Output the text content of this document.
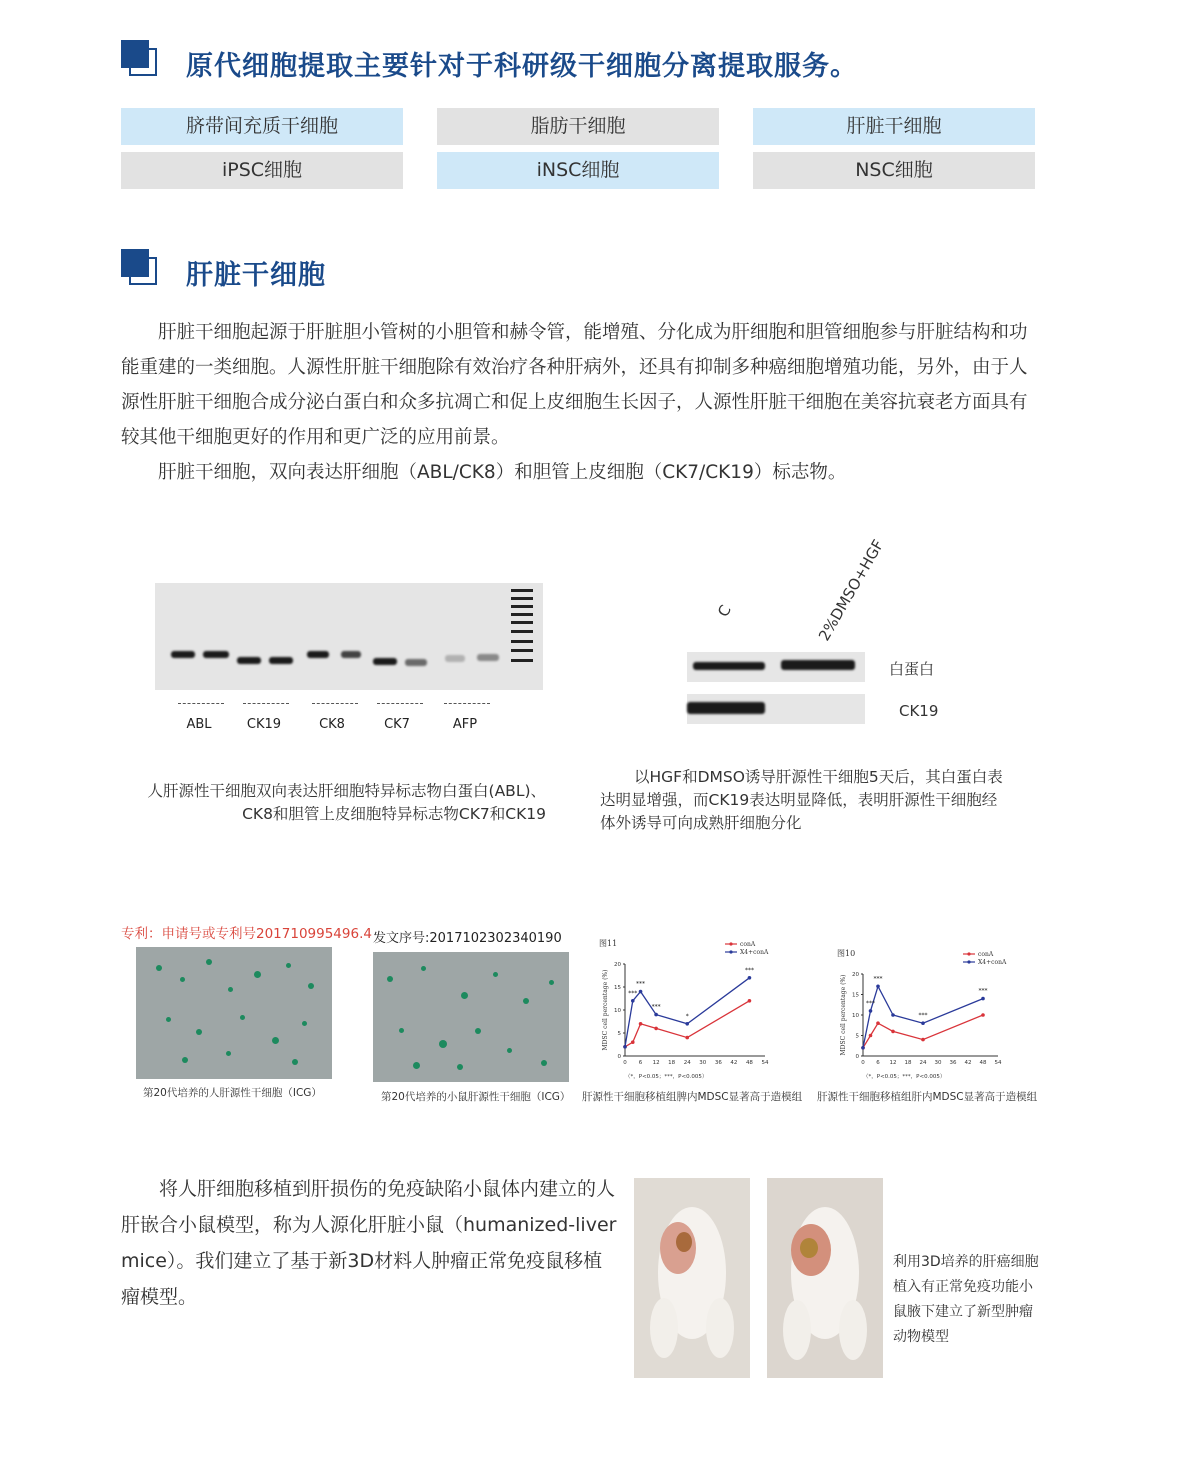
原代细胞提取主要针对于科研级干细胞分离提取服务。
脐带间充质干细胞	脂肪干细胞	肝脏干细胞
iPSC细胞	iNSC细胞	NSC细胞
肝脏干细胞

肝脏干细胞起源于肝脏胆小管树的小胆管和赫令管，能增殖、分化成为肝细胞和胆管细胞参与肝脏结构和功能重建的一类细胞。人源性肝脏干细胞除有效治疗各种肝病外，还具有抑制多种癌细胞增殖功能，另外，由于人源性肝脏干细胞合成分泌白蛋白和众多抗凋亡和促上皮细胞生长因子，人源性肝脏干细胞在美容抗衰老方面具有较其他干细胞更好的作用和更广泛的应用前景。

肝脏干细胞，双向表达肝细胞（ABL/CK8）和胆管上皮细胞（CK7/CK19）标志物。

ABL	CK19	CK8	CK7	AFP
人肝源性干细胞双向表达肝细胞特异标志物白蛋白(ABL)、CK8和胆管上皮细胞特异标志物CK7和CK19
C	2%DMSO+HGF
白蛋白
CK19
以HGF和DMSO诱导肝源性干细胞5天后，其白蛋白表达明显增强，而CK19表达明显降低，表明肝源性干细胞经体外诱导可向成熟肝细胞分化
专利：申请号或专利号201710995496.4 发文序号:2017102302340190
第20代培养的人肝源性干细胞（ICG）	第20代培养的小鼠肝源性干细胞（ICG）
图11
0
5
10
15
20
0 6 12 18 24 30 36 42 48 54
MDSC cell percentage (%)
conA
X4+conA
***
***
***
*
***
（*，P<0.05；***，P<0.005）
图10
0
5
10
15
20
0 6 12 18 24 30 36 42 48 54
MDSC cell percentage (%)
conA
X4+conA
***
***
***
***
（*，P<0.05；***，P<0.005）
肝源性干细胞移植组脾内MDSC显著高于造模组 肝源性干细胞移植组肝内MDSC显著高于造模组
将人肝细胞移植到肝损伤的免疫缺陷小鼠体内建立的人肝嵌合小鼠模型，称为人源化肝脏小鼠（humanized-liver mice）。我们建立了基于新3D材料人肿瘤正常免疫鼠移植瘤模型。
利用3D培养的肝癌细胞植入有正常免疫功能小鼠腋下建立了新型肿瘤动物模型
